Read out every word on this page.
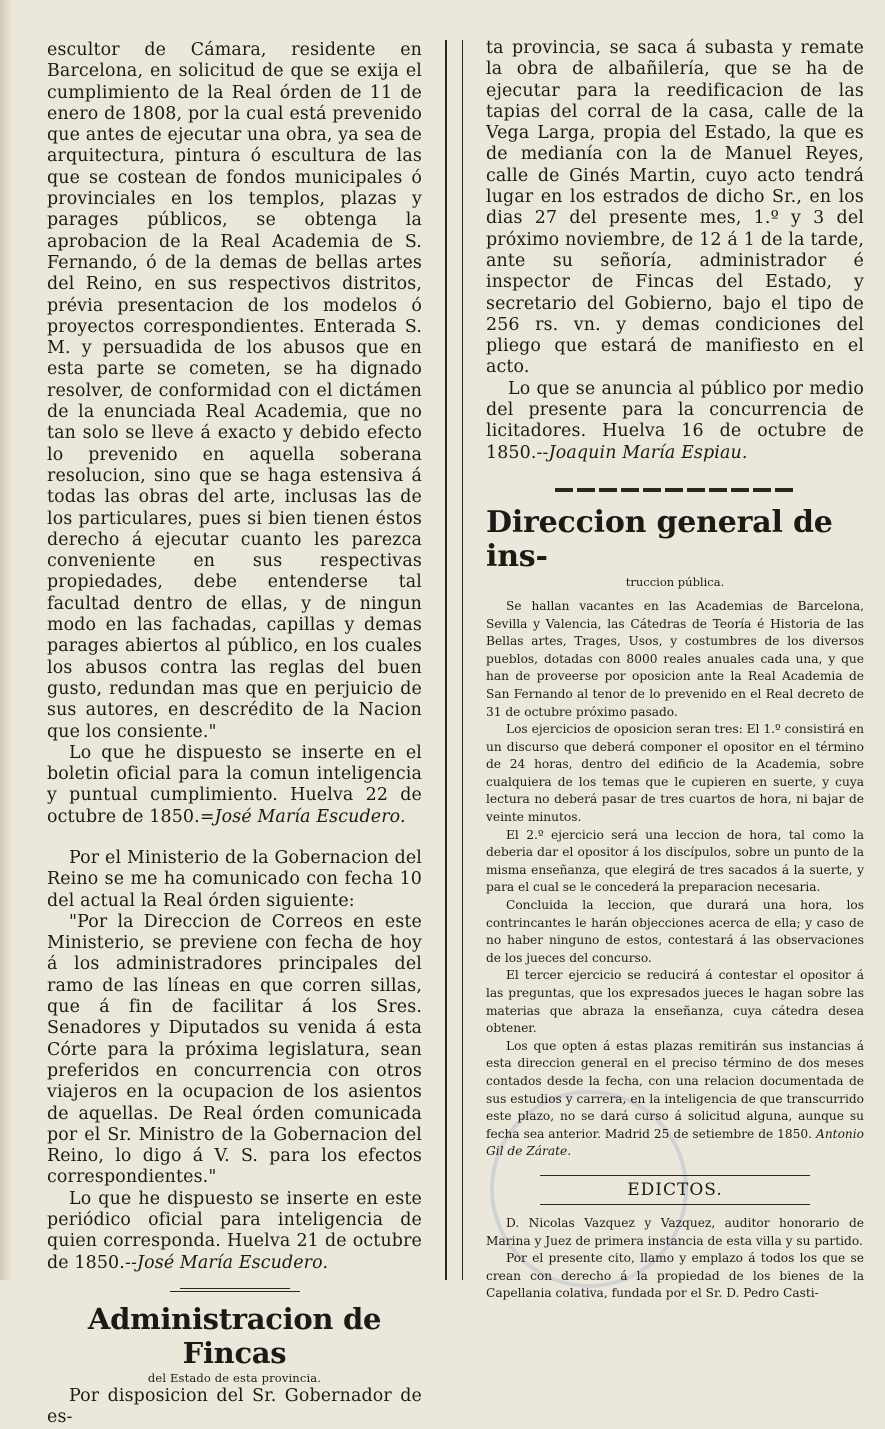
escultor de Cámara, residente en Barcelona, en solicitud de que se exija el cumplimiento de la Real órden de 11 de enero de 1808, por la cual está prevenido que antes de ejecutar una obra, ya sea de arquitectura, pintura ó escultura de las que se costean de fondos municipales ó provinciales en los templos, plazas y parages públicos, se obtenga la aprobacion de la Real Academia de S. Fernando, ó de la demas de bellas artes del Reino, en sus respectivos distritos, prévia presentacion de los modelos ó proyectos correspondientes. Enterada S. M. y persuadida de los abusos que en esta parte se cometen, se ha dignado resolver, de conformidad con el dictámen de la enunciada Real Academia, que no tan solo se lleve á exacto y debido efecto lo prevenido en aquella soberana resolucion, sino que se haga estensiva á todas las obras del arte, inclusas las de los particulares, pues si bien tienen éstos derecho á ejecutar cuanto les parezca conveniente en sus respectivas propiedades, debe entenderse tal facultad dentro de ellas, y de ningun modo en las fachadas, capillas y demas parages abiertos al público, en los cuales los abusos contra las reglas del buen gusto, redundan mas que en perjuicio de sus autores, en descrédito de la Nacion que los consiente."

Lo que he dispuesto se inserte en el boletin oficial para la comun inteligencia y puntual cumplimiento. Huelva 22 de octubre de 1850.=José María Escudero.

Por el Ministerio de la Gobernacion del Reino se me ha comunicado con fecha 10 del actual la Real órden siguiente:

"Por la Direccion de Correos en este Ministerio, se previene con fecha de hoy á los administradores principales del ramo de las líneas en que corren sillas, que á fin de facilitar á los Sres. Senadores y Diputados su venida á esta Córte para la próxima legislatura, sean preferidos en concurrencia con otros viajeros en la ocupacion de los asientos de aquellas. De Real órden comunicada por el Sr. Ministro de la Gobernacion del Reino, lo digo á V. S. para los efectos correspondientes."

Lo que he dispuesto se inserte en este periódico oficial para inteligencia de quien corresponda. Huelva 21 de octubre de 1850.--José María Escudero.

Administracion de Fincas
del Estado de esta provincia.

Por disposicion del Sr. Gobernador de es-

ta provincia, se saca á subasta y remate la obra de albañilería, que se ha de ejecutar para la reedificacion de las tapias del corral de la casa, calle de la Vega Larga, propia del Estado, la que es de medianía con la de Manuel Reyes, calle de Ginés Martin, cuyo acto tendrá lugar en los estrados de dicho Sr., en los dias 27 del presente mes, 1.º y 3 del próximo noviembre, de 12 á 1 de la tarde, ante su señoría, administrador é inspector de Fincas del Estado, y secretario del Gobierno, bajo el tipo de 256 rs. vn. y demas condiciones del pliego que estará de manifiesto en el acto.

Lo que se anuncia al público por medio del presente para la concurrencia de licitadores. Huelva 16 de octubre de 1850.--Joaquin María Espiau.

Direccion general de ins-
truccion pública.

Se hallan vacantes en las Academias de Barcelona, Sevilla y Valencia, las Cátedras de Teoría é Historia de las Bellas artes, Trages, Usos, y costumbres de los diversos pueblos, dotadas con 8000 reales anuales cada una, y que han de proveerse por oposicion ante la Real Academia de San Fernando al tenor de lo prevenido en el Real decreto de 31 de octubre próximo pasado.

Los ejercicios de oposicion seran tres: El 1.º consistirá en un discurso que deberá componer el opositor en el término de 24 horas, dentro del edificio de la Academia, sobre cualquiera de los temas que le cupieren en suerte, y cuya lectura no deberá pasar de tres cuartos de hora, ni bajar de veinte minutos.

El 2.º ejercicio será una leccion de hora, tal como la deberia dar el opositor á los discípulos, sobre un punto de la misma enseñanza, que elegirá de tres sacados á la suerte, y para el cual se le concederá la preparacion necesaria.

Concluida la leccion, que durará una hora, los contrincantes le harán objecciones acerca de ella; y caso de no haber ninguno de estos, contestará á las observaciones de los jueces del concurso.

El tercer ejercicio se reducirá á contestar el opositor á las preguntas, que los expresados jueces le hagan sobre las materias que abraza la enseñanza, cuya cátedra desea obtener.

Los que opten á estas plazas remitirán sus instancias á esta direccion general en el preciso término de dos meses contados desde la fecha, con una relacion documentada de sus estudios y carrera, en la inteligencia de que transcurrido este plazo, no se dará curso á solicitud alguna, aunque su fecha sea anterior. Madrid 25 de setiembre de 1850. Antonio Gil de Zárate.

EDICTOS.

D. Nicolas Vazquez y Vazquez, auditor honorario de Marina y Juez de primera instancia de esta villa y su partido.

Por el presente cito, llamo y emplazo á todos los que se crean con derecho á la propiedad de los bienes de la Capellania colativa, fundada por el Sr. D. Pedro Casti-
